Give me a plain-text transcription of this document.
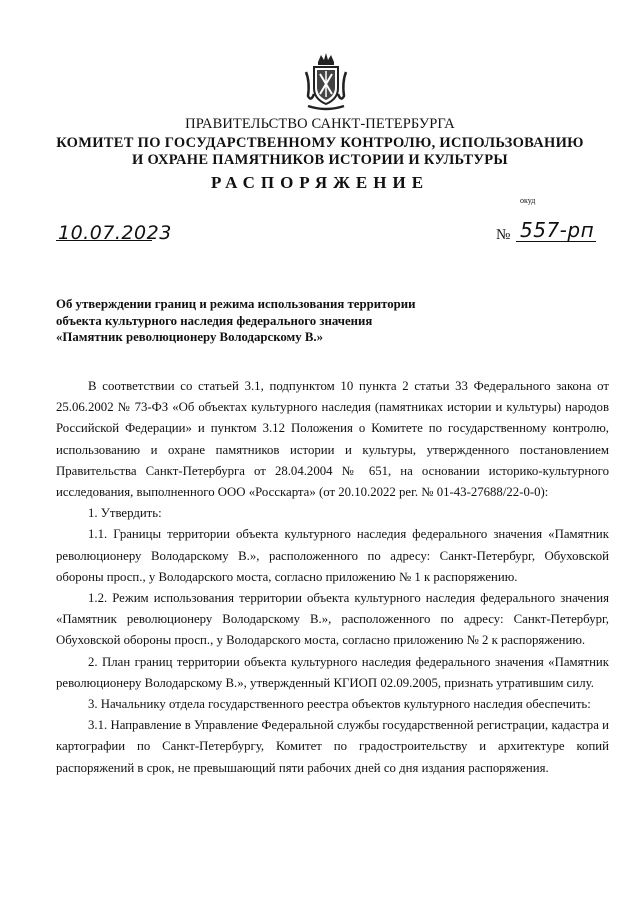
ПРАВИТЕЛЬСТВО САНКТ-ПЕТЕРБУРГА
КОМИТЕТ ПО ГОСУДАРСТВЕННОМУ КОНТРОЛЮ, ИСПОЛЬЗОВАНИЮ
И ОХРАНЕ ПАМЯТНИКОВ ИСТОРИИ И КУЛЬТУРЫ
РАСПОРЯЖЕНИЕ
окуд
10.07.2023	№ 557-рп
Об утверждении границ и режима использования территории
объекта культурного наследия федерального значения
«Памятник революционеру Володарскому В.»

В соответствии со статьей 3.1, подпунктом 10 пункта 2 статьи 33 Федерального закона от 25.06.2002 № 73-ФЗ «Об объектах культурного наследия (памятниках истории и культуры) народов Российской Федерации» и пунктом 3.12 Положения о Комитете по государственному контролю, использованию и охране памятников истории и культуры, утвержденного постановлением Правительства Санкт-Петербурга от 28.04.2004 № 651, на основании историко-культурного исследования, выполненного ООО «Росскарта» (от 20.10.2022 рег. № 01-43-27688/22-0-0):

1. Утвердить:

1.1. Границы территории объекта культурного наследия федерального значения «Памятник революционеру Володарскому В.», расположенного по адресу: Санкт-Петербург, Обуховской обороны просп., у Володарского моста, согласно приложению № 1 к распоряжению.

1.2. Режим использования территории объекта культурного наследия федерального значения «Памятник революционеру Володарскому В.», расположенного по адресу: Санкт-Петербург, Обуховской обороны просп., у Володарского моста, согласно приложению № 2 к распоряжению.

2. План границ территории объекта культурного наследия федерального значения «Памятник революционеру Володарскому В.», утвержденный КГИОП 02.09.2005, признать утратившим силу.

3. Начальнику отдела государственного реестра объектов культурного наследия обеспечить:

3.1. Направление в Управление Федеральной службы государственной регистрации, кадастра и картографии по Санкт-Петербургу, Комитет по градостроительству и архитектуре копий распоряжений в срок, не превышающий пяти рабочих дней со дня издания распоряжения.
